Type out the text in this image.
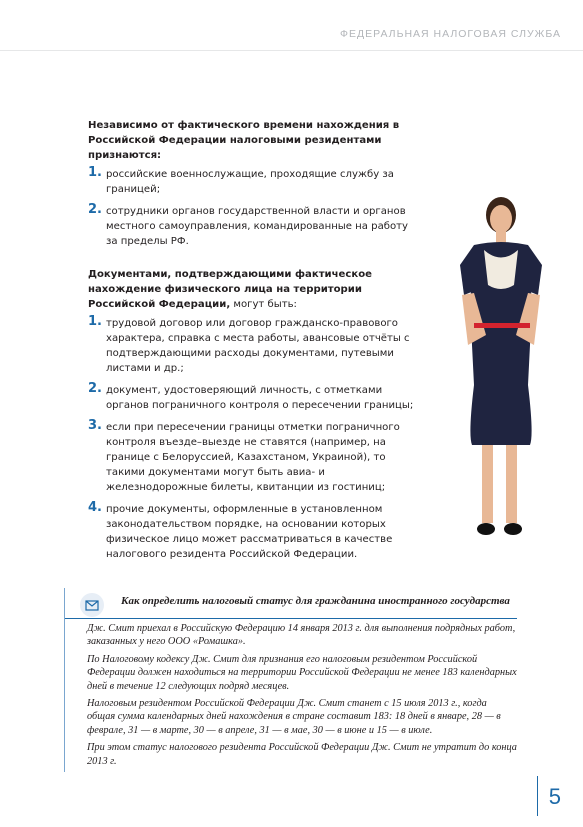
ФЕДЕРАЛЬНАЯ НАЛОГОВАЯ СЛУЖБА

Независимо от фактического времени нахождения в Российской Федерации налоговыми резидентами признаются:

1. российские военнослужащие, проходящие службу за границей;
2. сотрудники органов государственной власти и органов местного самоуправления, командированные на работу за пределы РФ.

Документами, подтверждающими фактическое нахождение физического лица на территории Российской Федерации, могут быть:

1. трудовой договор или договор гражданско-правового характера, справка с места работы, авансовые отчёты с подтверждающими расходы документами, путевыми листами и др.;
2. документ, удостоверяющий личность, с отметками органов пограничного контроля о пересечении границы;
3. если при пересечении границы отметки пограничного контроля въезде–выезде не ставятся (например, на границе с Белоруссией, Казахстаном, Украиной), то такими документами могут быть авиа- и железнодорожные билеты, квитанции из гостиниц;
4. прочие документы, оформленные в установленном законодательством порядке, на основании которых физическое лицо может рассматриваться в качестве налогового резидента Российской Федерации.
Как определить налоговый статус для гражданина иностранного государства

Дж. Смит приехал в Российскую Федерацию 14 января 2013 г. для выполнения подрядных работ, заказанных у него ООО «Ромашка».

По Налоговому кодексу Дж. Смит для признания его налоговым резидентом Российской Федерации должен находиться на территории Российской Федерации не менее 183 календарных дней в течение 12 следующих подряд месяцев.

Налоговым резидентом Российской Федерации Дж. Смит станет с 15 июля 2013 г., когда общая сумма календарных дней нахождения в стране составит 183: 18 дней в январе, 28 — в феврале, 31 — в марте, 30 — в апреле, 31 — в мае, 30 — в июне и 15 — в июле.

При этом статус налогового резидента Российской Федерации Дж. Смит не утратит до конца 2013 г.

5
